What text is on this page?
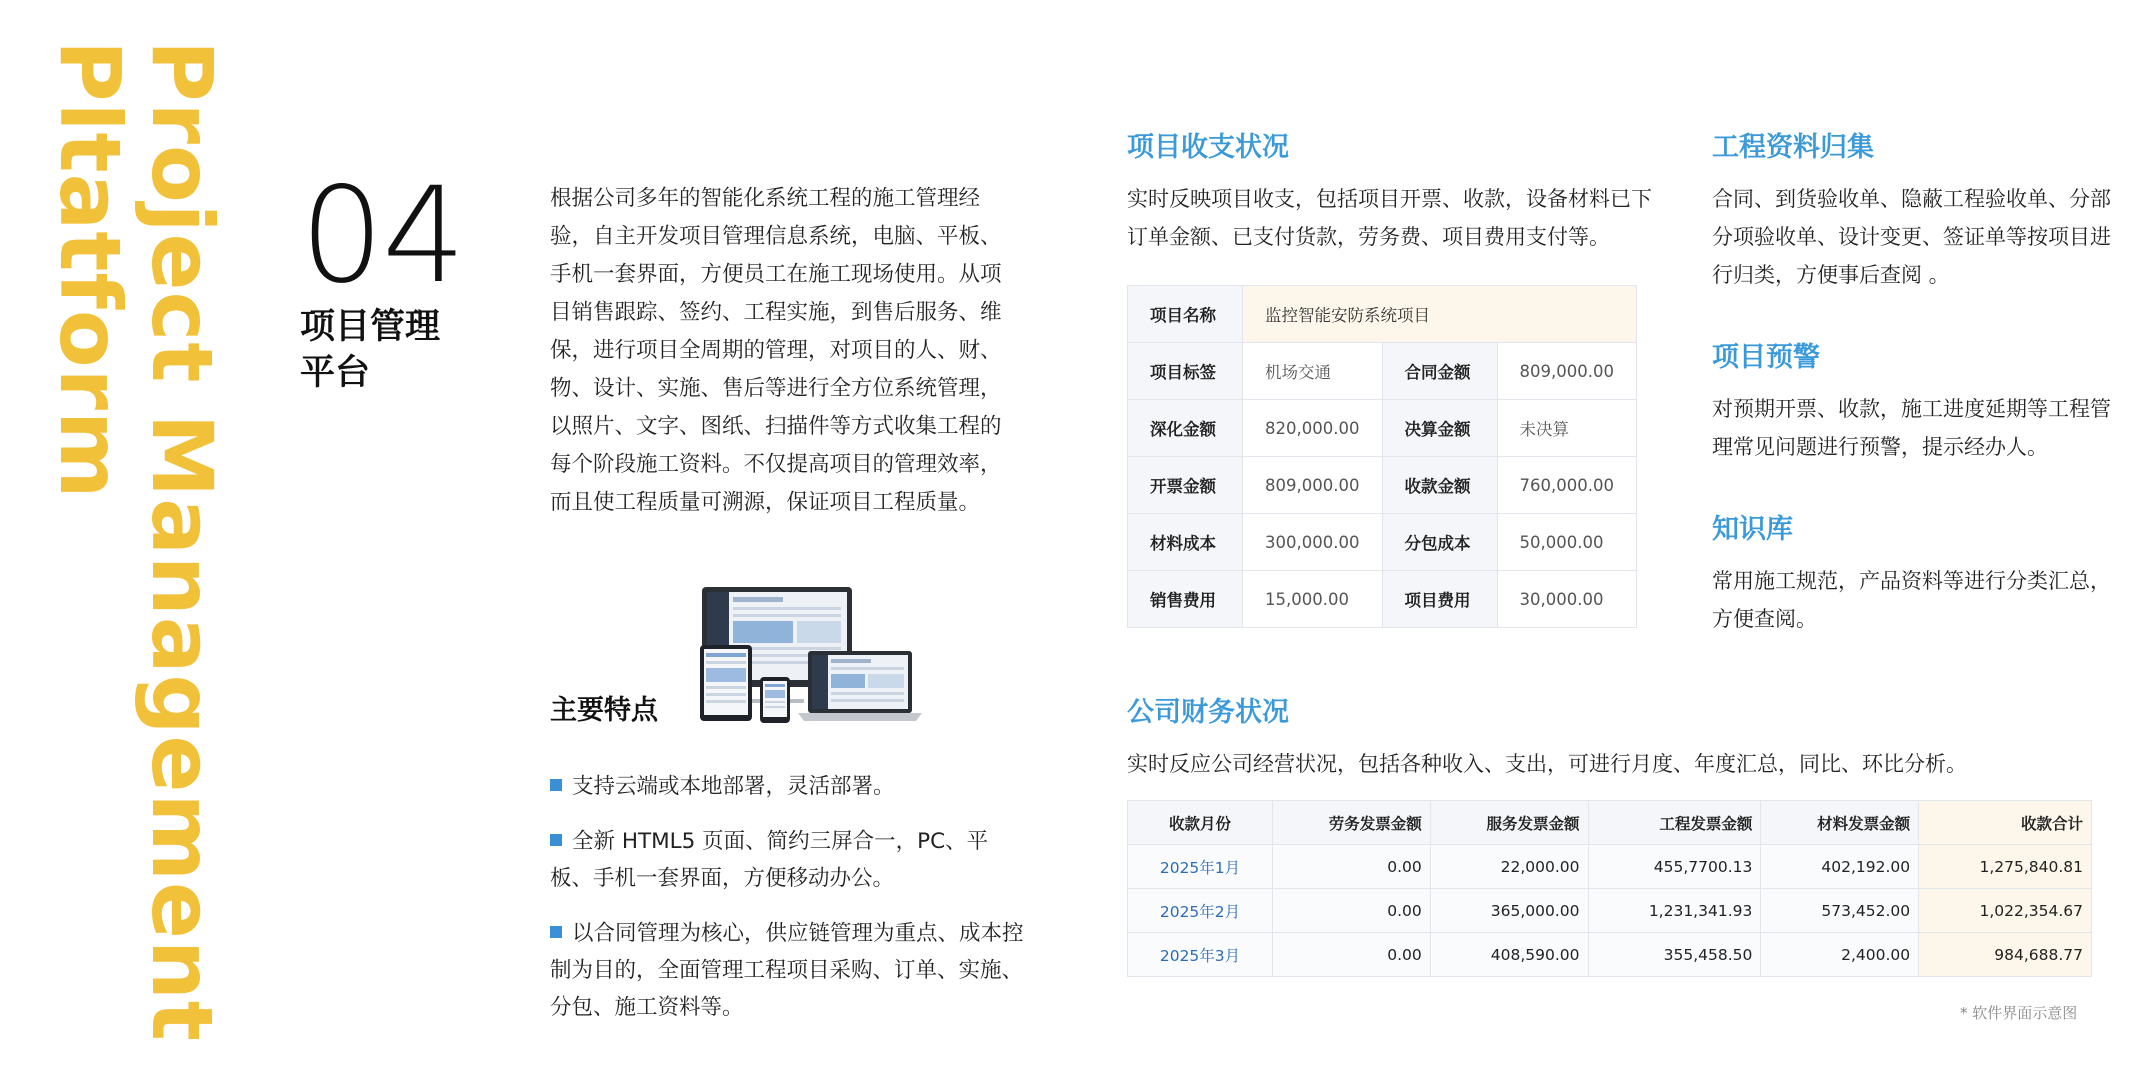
Project Management
Pltatform 04
项目管理
平台
根据公司多年的智能化系统工程的施工管理经验，自主开发项目管理信息系统，电脑、平板、手机一套界面，方便员工在施工现场使用。从项目销售跟踪、签约、工程实施，到售后服务、维保，进行项目全周期的管理，对项目的人、财、物、设计、实施、售后等进行全方位系统管理，以照片、文字、图纸、扫描件等方式收集工程的每个阶段施工资料。不仅提高项目的管理效率，而且使工程质量可溯源，保证项目工程质量。
主要特点
支持云端或本地部署，灵活部署。
全新 HTML5 页面、简约三屏合一，PC、平板、手机一套界面，方便移动办公。
以合同管理为核心，供应链管理为重点、成本控制为目的，全面管理工程项目采购、订单、实施、分包、施工资料等。
项目收支状况
实时反映项目收支，包括项目开票、收款，设备材料已下订单金额、已支付货款，劳务费、项目费用支付等。
项目名称	监控智能安防系统项目		
项目标签	机场交通	合同金额	809,000.00
深化金额	820,000.00	决算金额	未决算
开票金额	809,000.00	收款金额	760,000.00
材料成本	300,000.00	分包成本	50,000.00
销售费用	15,000.00	项目费用	30,000.00
工程资料归集
合同、到货验收单、隐蔽工程验收单、分部分项验收单、设计变更、签证单等按项目进行归类，方便事后查阅 。
项目预警
对预期开票、收款，施工进度延期等工程管理常见问题进行预警，提示经办人。
知识库
常用施工规范，产品资料等进行分类汇总，方便查阅。
公司财务状况
实时反应公司经营状况，包括各种收入、支出，可进行月度、年度汇总，同比、环比分析。
收款月份	劳务发票金额	服务发票金额	工程发票金额	材料发票金额	收款合计
2025年1月	0.00	22,000.00	455,7700.13	402,192.00	1,275,840.81
2025年2月	0.00	365,000.00	1,231,341.93	573,452.00	1,022,354.67
2025年3月	0.00	408,590.00	355,458.50	2,400.00	984,688.77
* 软件界面示意图
